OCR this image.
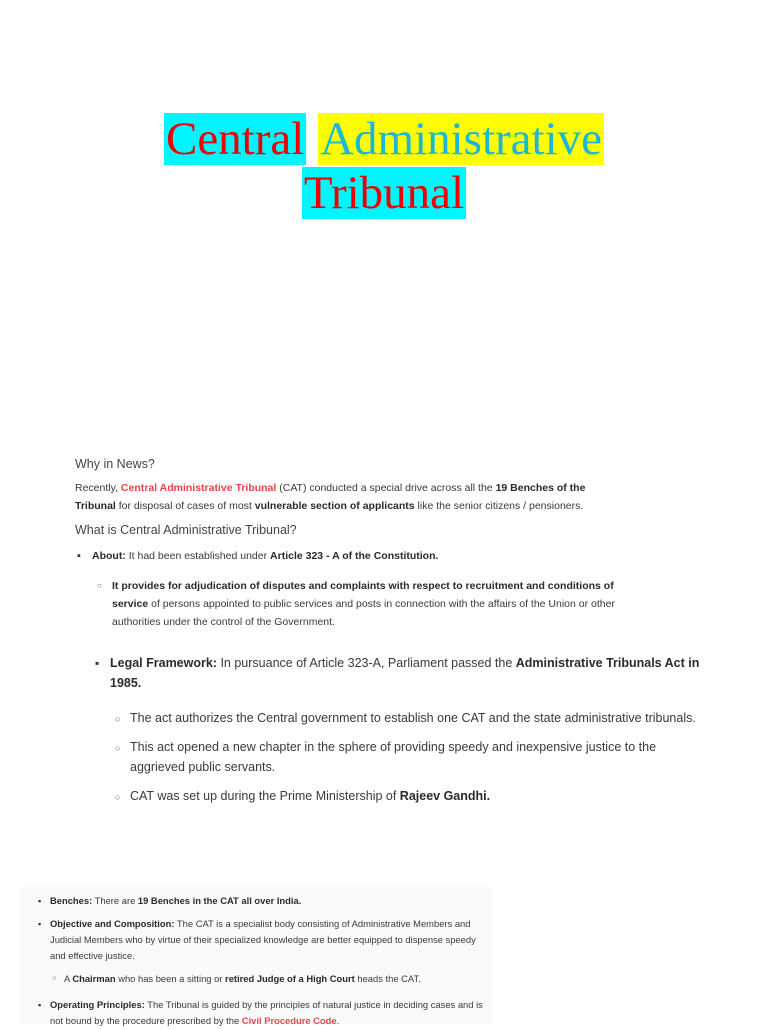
Central Administrative
Tribunal
Why in News?
Recently, Central Administrative Tribunal (CAT) conducted a special drive across all the 19 Benches of the Tribunal for disposal of cases of most vulnerable section of applicants like the senior citizens / pensioners.
What is Central Administrative Tribunal?
▪ About: It had been established under Article 323 - A of the Constitution.
○ It provides for adjudication of disputes and complaints with respect to recruitment and conditions of service of persons appointed to public services and posts in connection with the affairs of the Union or other authorities under the control of the Government.
▪ Legal Framework: In pursuance of Article 323-A, Parliament passed the Administrative Tribunals Act in 1985.
○ The act authorizes the Central government to establish one CAT and the state administrative tribunals.
○ This act opened a new chapter in the sphere of providing speedy and inexpensive justice to the aggrieved public servants.
○ CAT was set up during the Prime Ministership of Rajeev Gandhi.
▪ Benches: There are 19 Benches in the CAT all over India.
▪ Objective and Composition: The CAT is a specialist body consisting of Administrative Members and Judicial Members who by virtue of their specialized knowledge are better equipped to dispense speedy and effective justice.
○ A Chairman who has been a sitting or retired Judge of a High Court heads the CAT.
▪ Operating Principles: The Tribunal is guided by the principles of natural justice in deciding cases and is not bound by the procedure prescribed by the Civil Procedure Code.
